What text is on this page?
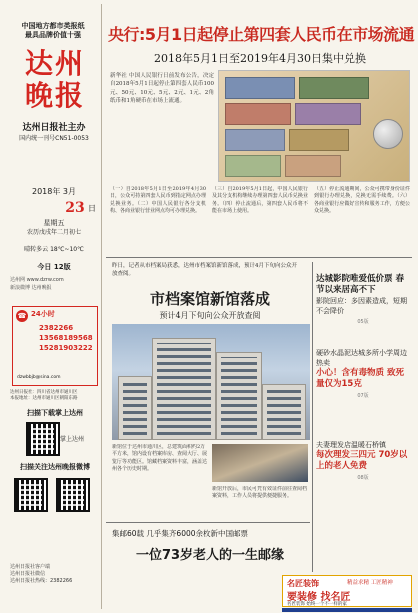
中国地方都市类报纸
最具品牌价值十强
达州晚报
达州日报社主办
国内统一刊号CN51-0053
2018年 3月
23 日
星期五
农历戊戌年二月初七
晴转多云 18℃~10℃
今日 12版
达州网 www.dzrw.com
新浪微博 达州晚报
☎ 24小时
2382266
13568189568
15281903222
dzwbbjb@sina.com
达州日报社：四川省达州市通川区
本报地址：达州市通川区朝阳东路
扫描下载掌上达州
掌上达州
扫描关注达州晚报微博
达州日报社客户端
达州日报社微信
达州日报社热线：2382266
央行:5月1日起停止第四套人民币在市场流通
2018年5月1日至2019年4月30日集中兑换
新华社 中国人民银行日前发布公告，决定自2018年5月1日起停止第四套人民币100元、50元、10元、5元、2元、1元、2角纸币和1角硬币在市场上流通。
（一）自2018年5月1日至2019年4月30日，公众可持第四套人民币到指定网点办理兑换业务。（二）中国人民银行各分支机构、各商业银行营业网点均可办理兑换。
（三）自2019年5月1日起，中国人民银行及其分支机构继续办理第四套人民币兑换业务。（四）停止流通后，第四套人民币将不能在市场上使用。
（五）停止流通期间，公众可携带身份证件到银行办理兑换，兑换无需手续费。（六）各商业银行应做好宣传和服务工作，方便公众兑换。
昨日，记者从市档案局获悉，达州市档案馆新馆落成，预计4月下旬向公众开放查阅。
市档案馆新馆落成
预计4月下旬向公众开放查阅
新馆位于达州市通川区，总建筑面积约2万平方米，馆内设有档案库房、查阅大厅、展览厅等功能区。馆藏档案资料丰富，涵盖达州各个历史时期。
新馆开放后，市民可凭有效证件前往查阅档案资料，工作人员将提供便捷服务。
集邮60载 几乎集齐6000余枚新中国邮票
一位73岁老人的一生邮缘
达城影院唯爱低价票 春节以来居高不下
影院回应：多因素造成，短期不会降价
05版
硬砂水晶泥达城多所小学周边热卖
小心！含有毒物质 致死量仅为15克
07版
夫妻理发店温暖石桥镇
每次理发三四元 70岁以上的老人免费
08版
名匠装饰	精益求精 工匠精神
要装修 找名匠
名匠装饰 始终一个不一样的家
